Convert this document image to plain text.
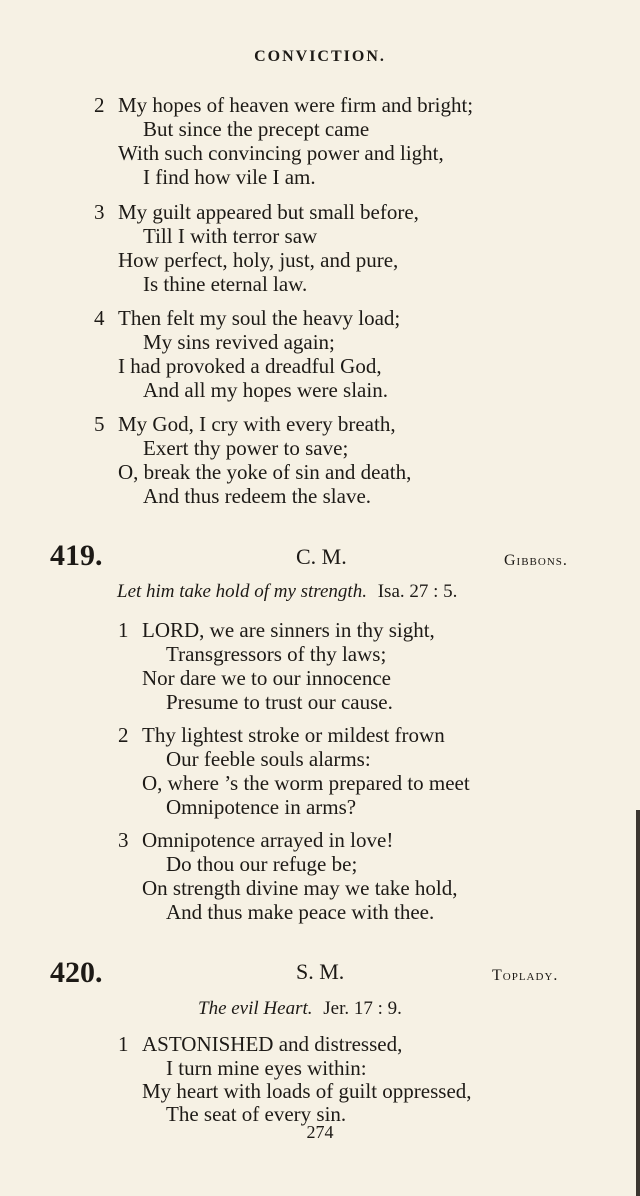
CONVICTION.
2 My hopes of heaven were firm and bright;
But since the precept came
With such convincing power and light,
I find how vile I am.
3 My guilt appeared but small before,
Till I with terror saw
How perfect, holy, just, and pure,
Is thine eternal law.
4 Then felt my soul the heavy load;
My sins revived again;
I had provoked a dreadful God,
And all my hopes were slain.
5 My God, I cry with every breath,
Exert thy power to save;
O, break the yoke of sin and death,
And thus redeem the slave.
419.	C. M.	Gibbons.
Let him take hold of my strength. Isa. 27 : 5.
1 LORD, we are sinners in thy sight,
Transgressors of thy laws;
Nor dare we to our innocence
Presume to trust our cause.
2 Thy lightest stroke or mildest frown
Our feeble souls alarms:
O, where ’s the worm prepared to meet
Omnipotence in arms?
3 Omnipotence arrayed in love!
Do thou our refuge be;
On strength divine may we take hold,
And thus make peace with thee.
420.	S. M.	Toplady.
The evil Heart. Jer. 17 : 9.
1 ASTONISHED and distressed,
I turn mine eyes within:
My heart with loads of guilt oppressed,
The seat of every sin.
274
